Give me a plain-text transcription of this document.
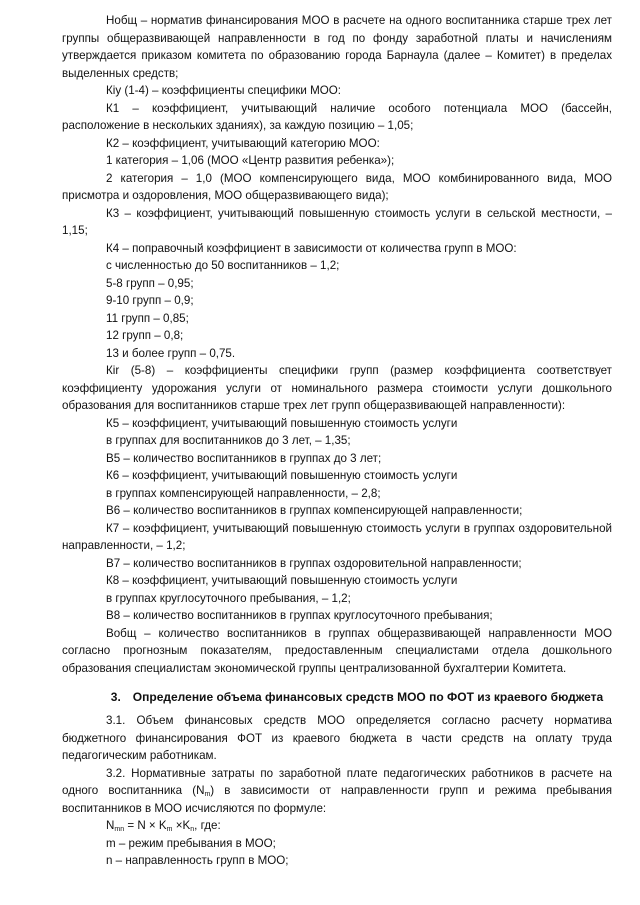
Нобщ – норматив финансирования МОО в расчете на одного воспитанника старше трех лет группы общеразвивающей направленности в год по фонду заработной платы и начислениям утверждается приказом комитета по образованию города Барнаула (далее – Комитет) в пределах выделенных средств;

Кiу (1-4) – коэффициенты специфики МОО:

К1 – коэффициент, учитывающий наличие особого потенциала МОО (бассейн, расположение в нескольких зданиях), за каждую позицию – 1,05;

К2 – коэффициент, учитывающий категорию МОО:

1 категория – 1,06 (МОО «Центр развития ребенка»);

2 категория – 1,0 (МОО компенсирующего вида, МОО комбинированного вида, МОО присмотра и оздоровления, МОО общеразвивающего вида);

К3 – коэффициент, учитывающий повышенную стоимость услуги в сельской местности, – 1,15;

К4 – поправочный коэффициент в зависимости от количества групп в МОО:

с численностью до 50 воспитанников – 1,2;

5-8 групп – 0,95;

9-10 групп – 0,9;

11 групп – 0,85;

12 групп – 0,8;

13 и более групп – 0,75.

Кir (5-8) – коэффициенты специфики групп (размер коэффициента соответствует коэффициенту удорожания услуги от номинального размера стоимости услуги дошкольного образования для воспитанников старше трех лет групп общеразвивающей направленности):

К5 – коэффициент, учитывающий повышенную стоимость услуги

в группах для воспитанников до 3 лет, – 1,35;

В5 – количество воспитанников в группах до 3 лет;

К6 – коэффициент, учитывающий повышенную стоимость услуги

в группах компенсирующей направленности, – 2,8;

В6 – количество воспитанников в группах компенсирующей направленности;

К7 – коэффициент, учитывающий повышенную стоимость услуги в группах оздоровительной направленности, – 1,2;

В7 – количество воспитанников в группах оздоровительной направленности;

К8 – коэффициент, учитывающий повышенную стоимость услуги

в группах круглосуточного пребывания, – 1,2;

В8 – количество воспитанников в группах круглосуточного пребывания;

Вобщ – количество воспитанников в группах общеразвивающей направленности МОО согласно прогнозным показателям, предоставленным специалистами отдела дошкольного образования специалистам экономической группы централизованной бухгалтерии Комитета.

3. Определение объема финансовых средств МОО по ФОТ из краевого бюджета

3.1. Объем финансовых средств МОО определяется согласно расчету норматива бюджетного финансирования ФОТ из краевого бюджета в части средств на оплату труда педагогическим работникам.

3.2. Нормативные затраты по заработной плате педагогических работников в расчете на одного воспитанника $(N_m)$ в зависимости от направленности групп и режима пребывания воспитанников в МОО исчисляются по формуле:

$N_{mn} = N \times K_m \times K_n$, где:

m – режим пребывания в МОО;

n – направленность групп в МОО;
